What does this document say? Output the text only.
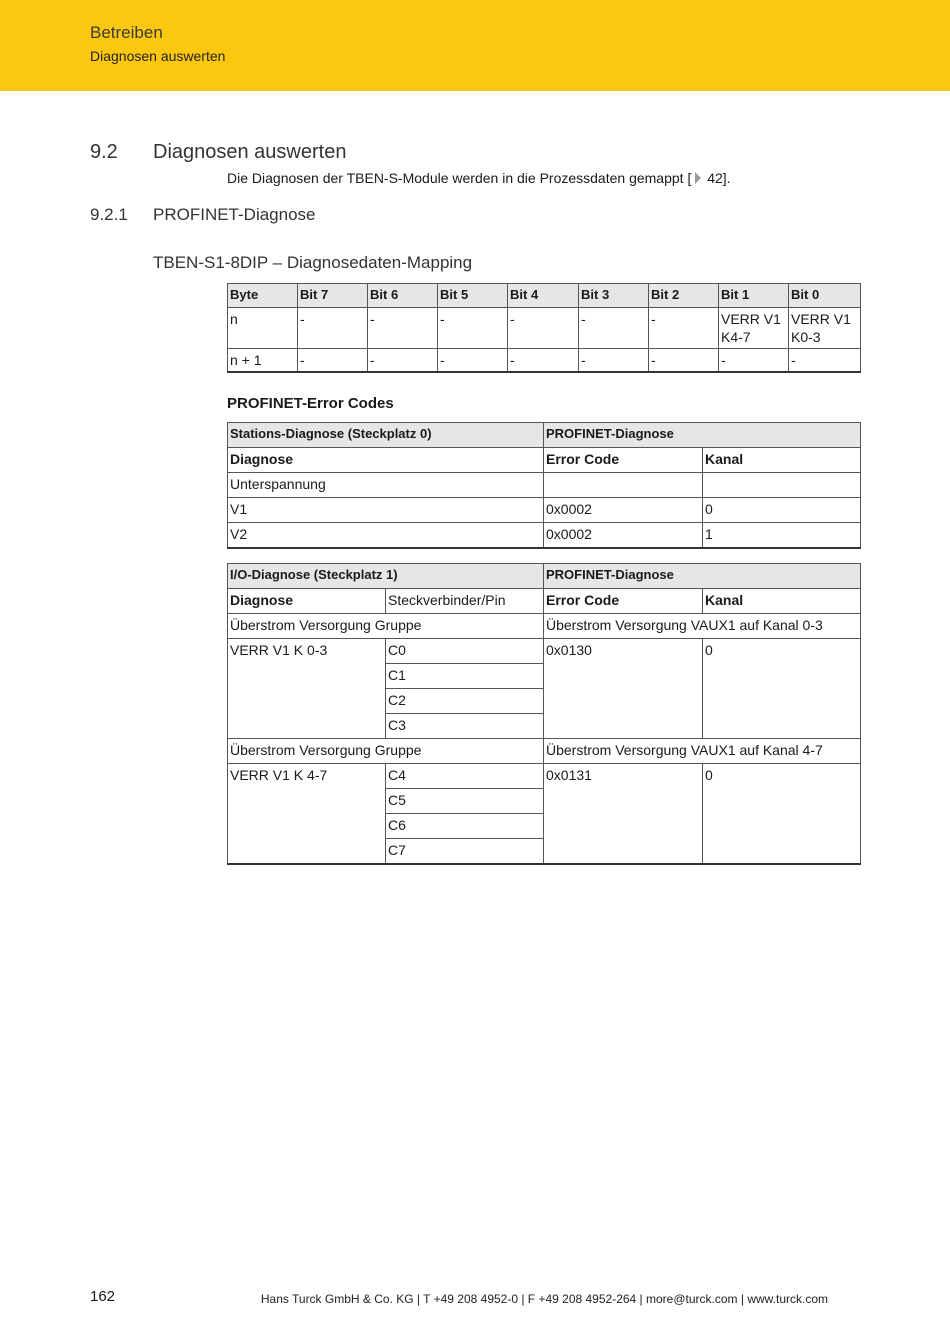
Betreiben
Diagnosen auswerten
9.2 Diagnosen auswerten
Die Diagnosen der TBEN-S-Module werden in die Prozessdaten gemappt [ 42].
9.2.1 PROFINET-Diagnose
TBEN-S1-8DIP – Diagnosedaten-Mapping
Byte	Bit 7	Bit 6	Bit 5	Bit 4	Bit 3	Bit 2	Bit 1	Bit 0
n	-	-	-	-	-	-	VERR V1 K4-7	VERR V1 K0-3
n + 1	-	-	-	-	-	-	-	-
PROFINET-Error Codes
Stations-Diagnose (Steckplatz 0)	PROFINET-Diagnose	
Diagnose	Error Code	Kanal
Unterspannung		
V1	0x0002	0
V2	0x0002	1
I/O-Diagnose (Steckplatz 1)		PROFINET-Diagnose	
Diagnose	Steckverbinder/Pin	Error Code	Kanal
Überstrom Versorgung Gruppe		Überstrom Versorgung VAUX1 auf Kanal 0-3	
VERR V1 K 0-3	C0	0x0130	0
	C1		
	C2		
	C3		
Überstrom Versorgung Gruppe		Überstrom Versorgung VAUX1 auf Kanal 4-7	
VERR V1 K 4-7	C4	0x0131	0
	C5		
	C6		
	C7		
162	Hans Turck GmbH & Co. KG | T +49 208 4952-0 | F +49 208 4952-264 | more@turck.com | www.turck.com
